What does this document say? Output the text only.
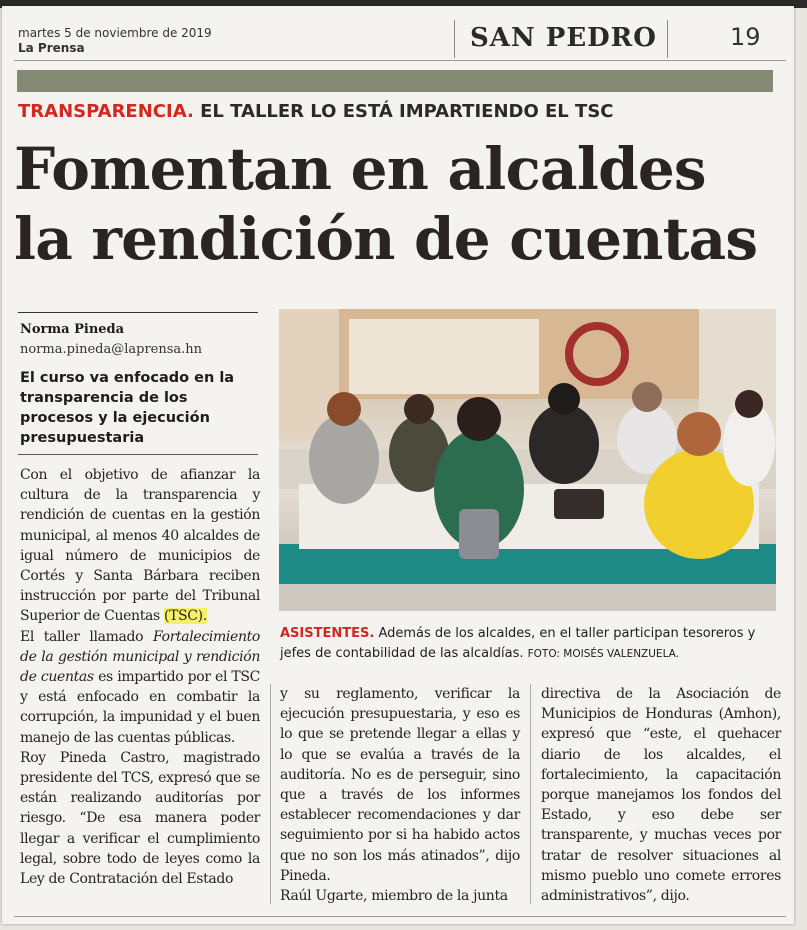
martes 5 de noviembre de 2019
La Prensa	SAN PEDRO	19
TRANSPARENCIA. EL TALLER LO ESTÁ IMPARTIENDO EL TSC
Fomentan en alcaldes
la rendición de cuentas
Norma Pineda
norma.pineda@laprensa.hn
El curso va enfocado en la transparencia de los procesos y la ejecución presupuestaria
Con el objetivo de afianzar la cultura de la transparencia y rendición de cuentas en la gestión municipal, al menos 40 alcaldes de igual número de municipios de Cortés y Santa Bárbara reciben instrucción por parte del Tribunal Superior de Cuentas (TSC).
El taller llamado Fortalecimiento de la gestión municipal y rendición de cuentas es impartido por el TSC y está enfocado en combatir la corrupción, la impunidad y el buen manejo de las cuentas públicas.
Roy Pineda Castro, magistrado presidente del TCS, expresó que se están realizando auditorías por riesgo. “De esa manera poder llegar a verificar el cumplimiento legal, sobre todo de leyes como la Ley de Contratación del Estado
y su reglamento, verificar la ejecución presupuestaria, y eso es lo que se pretende llegar a ellas y lo que se evalúa a través de la auditoría. No es de perseguir, sino que a través de los informes establecer recomendaciones y dar seguimiento por si ha habido actos que no son los más atinados”, dijo Pineda.
Raúl Ugarte, miembro de la junta
directiva de la Asociación de Municipios de Honduras (Amhon), expresó que “este, el quehacer diario de los alcaldes, el fortalecimiento, la capacitación porque manejamos los fondos del Estado, y eso debe ser transparente, y muchas veces por tratar de resolver situaciones al mismo pueblo uno comete errores administrativos”, dijo.
ASISTENTES. Además de los alcaldes, en el taller participan tesoreros y jefes de contabilidad de las alcaldías. FOTO: MOISÉS VALENZUELA.
